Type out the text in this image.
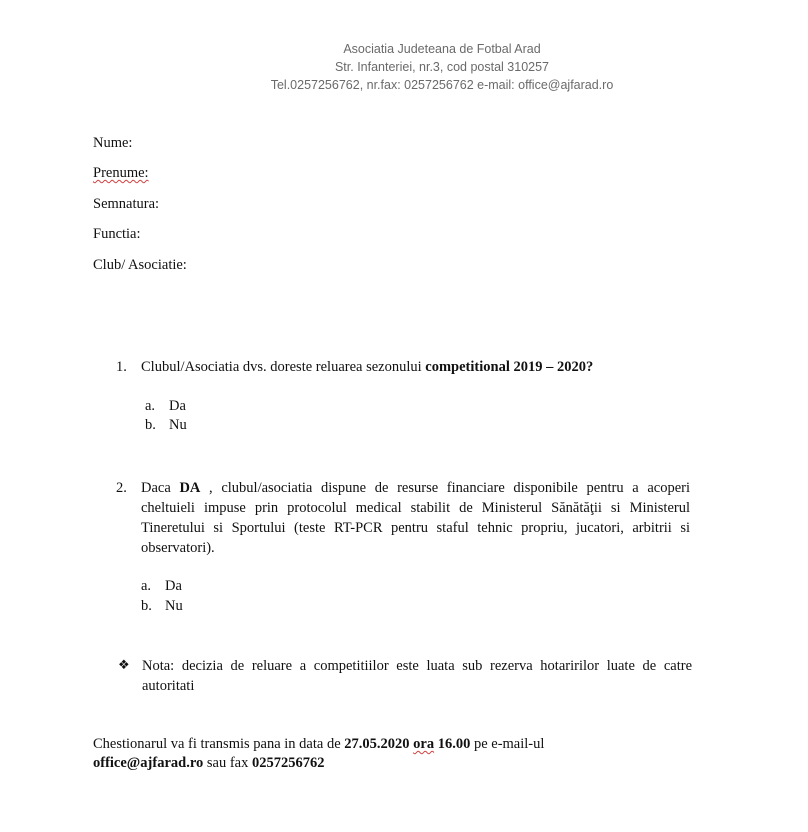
Asociatia Judeteana de Fotbal Arad
Str. Infanteriei, nr.3, cod postal 310257
Tel.0257256762, nr.fax: 0257256762 e-mail: office@ajfarad.ro
Nume:
Prenume:
Semnatura:
Functia:
Club/ Asociatie:
1. Clubul/Asociatia dvs. doreste reluarea sezonului competitional 2019 – 2020?
a. Da
b. Nu
2. Daca DA , clubul/asociatia dispune de resurse financiare disponibile pentru a acoperi cheltuieli impuse prin protocolul medical stabilit de Ministerul Sănătăţii si Ministerul Tineretului si Sportului (teste RT-PCR pentru staful tehnic propriu, jucatori, arbitrii si observatori).
a. Da
b. Nu
❖ Nota: decizia de reluare a competitiilor este luata sub rezerva hotaririlor luate de catre autoritati
Chestionarul va fi transmis pana in data de 27.05.2020 ora 16.00 pe e-mail-ul
office@ajfarad.ro sau fax 0257256762
